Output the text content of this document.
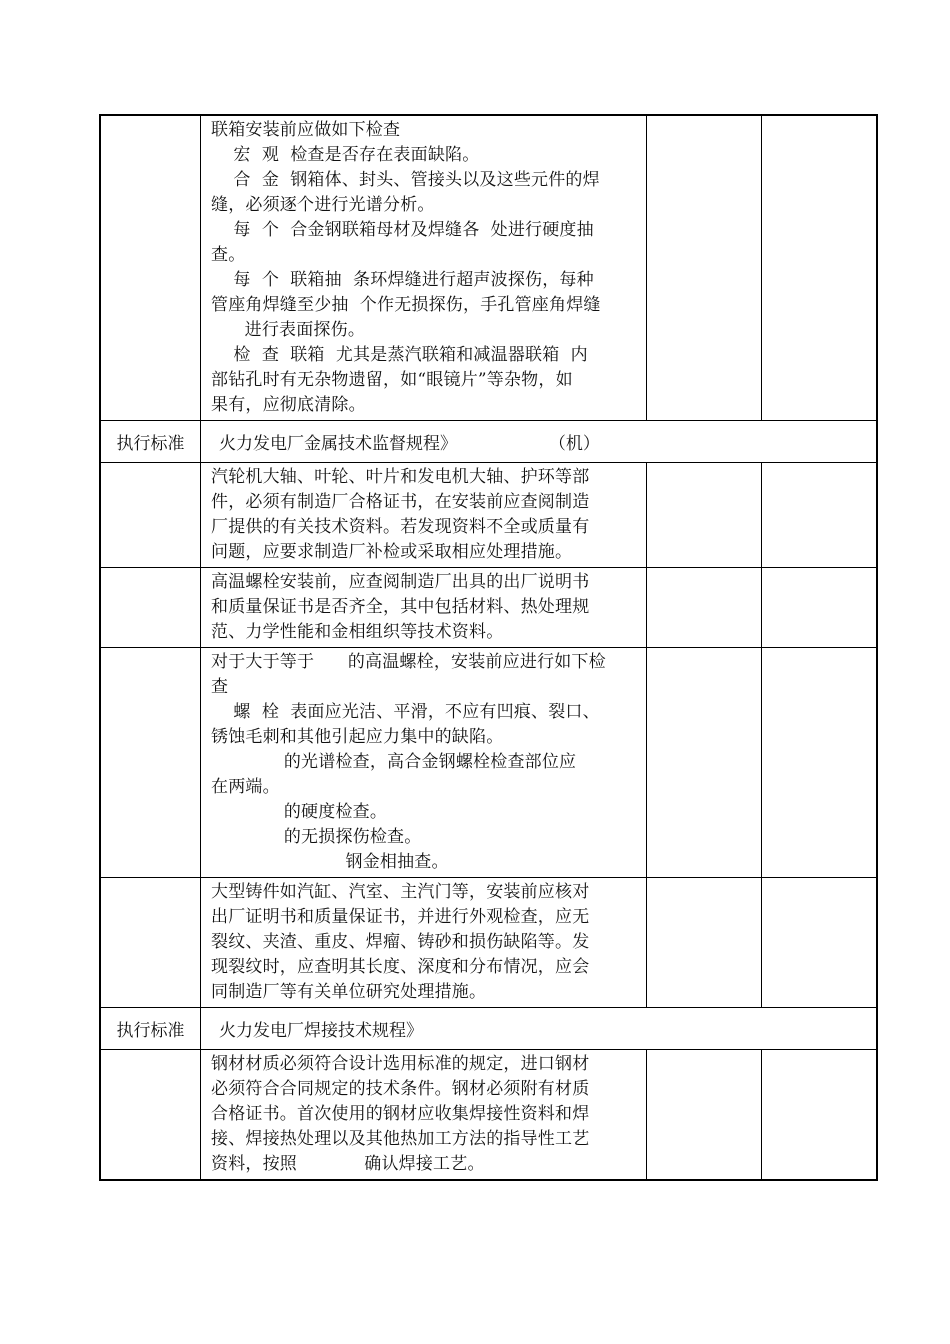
联箱安装前应做如下检查
宏  观  检查是否存在表面缺陷。
合  金  钢箱体、封头、管接头以及这些元件的焊
缝，必须逐个进行光谱分析。
每  个  合金钢联箱母材及焊缝各  处进行硬度抽
查。
每  个  联箱抽  条环焊缝进行超声波探伤，每种
管座角焊缝至少抽  个作无损探伤，手孔管座角焊缝
进行表面探伤。
检  查  联箱  尤其是蒸汽联箱和减温器联箱  内
部钻孔时有无杂物遗留，如“眼镜片”等杂物，如
果有，应彻底清除。
执行标准	火力发电厂金属技术监督规程》                 （机）
汽轮机大轴、叶轮、叶片和发电机大轴、护环等部
件，必须有制造厂合格证书，在安装前应查阅制造
厂提供的有关技术资料。若发现资料不全或质量有
问题，应要求制造厂补检或采取相应处理措施。
高温螺栓安装前，应查阅制造厂出具的出厂说明书
和质量保证书是否齐全，其中包括材料、热处理规
范、力学性能和金相组织等技术资料。
对于大于等于      的高温螺栓，安装前应进行如下检
查
螺  栓  表面应光洁、平滑，不应有凹痕、裂口、
锈蚀毛刺和其他引起应力集中的缺陷。
的光谱检查，高合金钢螺栓检查部位应
在两端。
的硬度检查。
的无损探伤检查。
钢金相抽查。
大型铸件如汽缸、汽室、主汽门等，安装前应核对
出厂证明书和质量保证书，并进行外观检查，应无
裂纹、夹渣、重皮、焊瘤、铸砂和损伤缺陷等。发
现裂纹时，应查明其长度、深度和分布情况，应会
同制造厂等有关单位研究处理措施。
执行标准	火力发电厂焊接技术规程》
钢材材质必须符合设计选用标准的规定，进口钢材
必须符合合同规定的技术条件。钢材必须附有材质
合格证书。首次使用的钢材应收集焊接性资料和焊
接、焊接热处理以及其他热加工方法的指导性工艺
资料，按照            确认焊接工艺。
